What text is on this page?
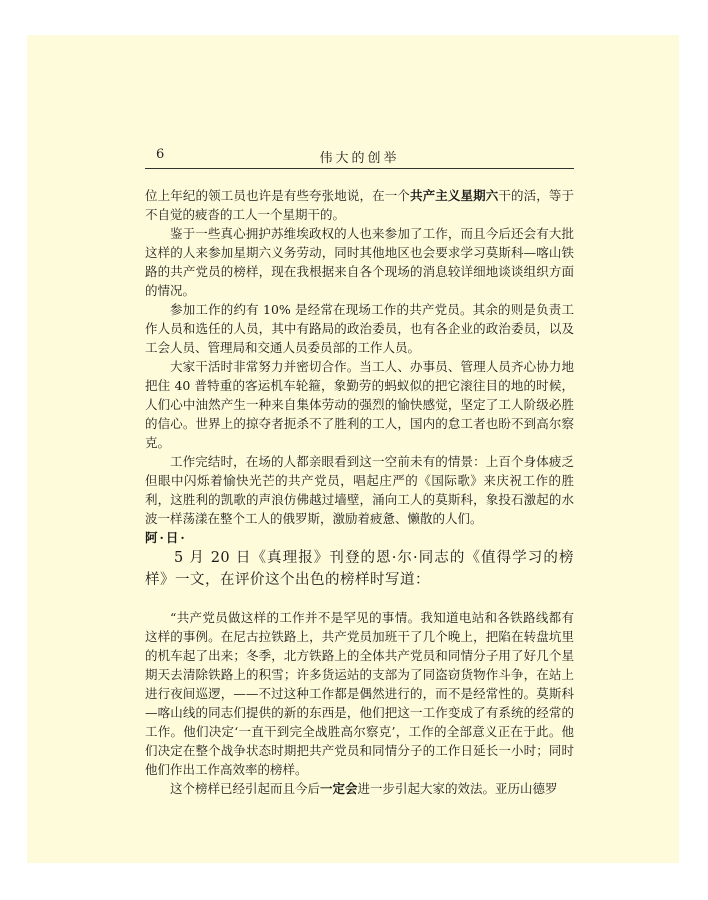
6	伟大的创举

位上年纪的领工员也许是有些夸张地说，在一个共产主义星期六干的活，等于不自觉的疲沓的工人一个星期干的。

鉴于一些真心拥护苏维埃政权的人也来参加了工作，而且今后还会有大批这样的人来参加星期六义务劳动，同时其他地区也会要求学习莫斯科—喀山铁路的共产党员的榜样，现在我根据来自各个现场的消息较详细地谈谈组织方面的情况。

参加工作的约有 10% 是经常在现场工作的共产党员。其余的则是负责工作人员和选任的人员，其中有路局的政治委员，也有各企业的政治委员，以及工会人员、管理局和交通人员委员部的工作人员。

大家干活时非常努力并密切合作。当工人、办事员、管理人员齐心协力地把住 40 普特重的客运机车轮箍，象勤劳的蚂蚁似的把它滚往目的地的时候，人们心中油然产生一种来自集体劳动的强烈的愉快感觉，坚定了工人阶级必胜的信心。世界上的掠夺者扼杀不了胜利的工人，国内的怠工者也盼不到高尔察克。

工作完结时，在场的人都亲眼看到这一空前未有的情景：上百个身体疲乏但眼中闪烁着愉快光芒的共产党员，唱起庄严的《国际歌》来庆祝工作的胜利，这胜利的凯歌的声浪仿佛越过墙壁，涌向工人的莫斯科，象投石激起的水波一样荡漾在整个工人的俄罗斯，激励着疲惫、懒散的人们。

阿·日·

5 月 20 日《真理报》刊登的恩·尔·同志的《值得学习的榜样》一文，在评价这个出色的榜样时写道：

“共产党员做这样的工作并不是罕见的事情。我知道电站和各铁路线都有这样的事例。在尼古拉铁路上，共产党员加班干了几个晚上，把陷在转盘坑里的机车起了出来；冬季，北方铁路上的全体共产党员和同情分子用了好几个星期天去清除铁路上的积雪；许多货运站的支部为了同盗窃货物作斗争，在站上进行夜间巡逻，——不过这种工作都是偶然进行的，而不是经常性的。莫斯科—喀山线的同志们提供的新的东西是，他们把这一工作变成了有系统的经常的工作。他们决定‘一直干到完全战胜高尔察克’，工作的全部意义正在于此。他们决定在整个战争状态时期把共产党员和同情分子的工作日延长一小时；同时他们作出工作高效率的榜样。

这个榜样已经引起而且今后一定会进一步引起大家的效法。亚历山德罗
